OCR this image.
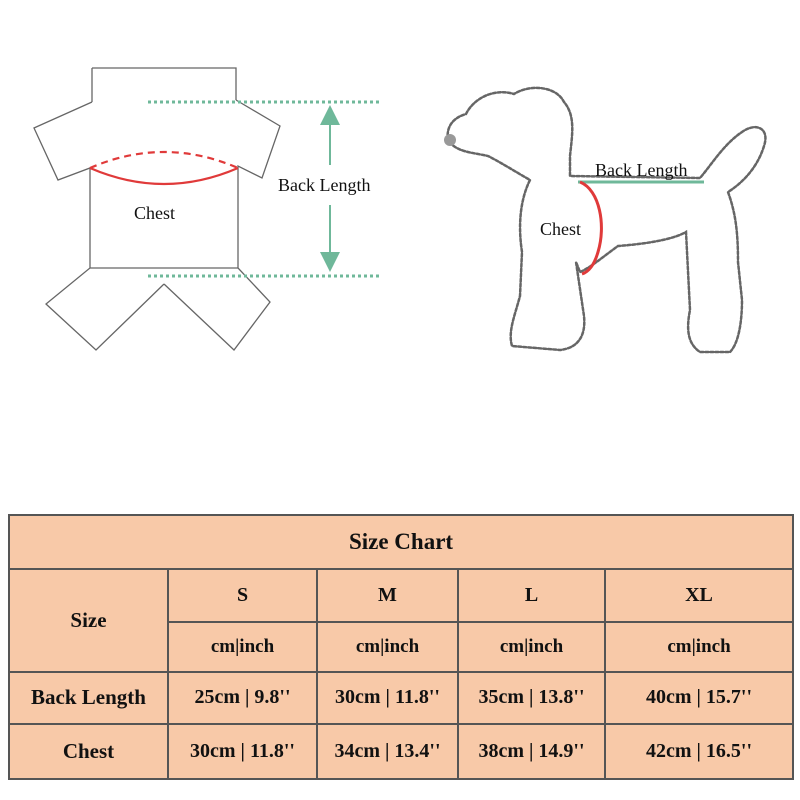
Chest
Back Length
Back Length
Chest
Size Chart				
Size	S	M	L	XL
	cm|inch	cm|inch	cm|inch	cm|inch
Back Length	25cm | 9.8''	30cm | 11.8''	35cm | 13.8''	40cm | 15.7''
Chest	30cm | 11.8''	34cm | 13.4''	38cm | 14.9''	42cm | 16.5''
